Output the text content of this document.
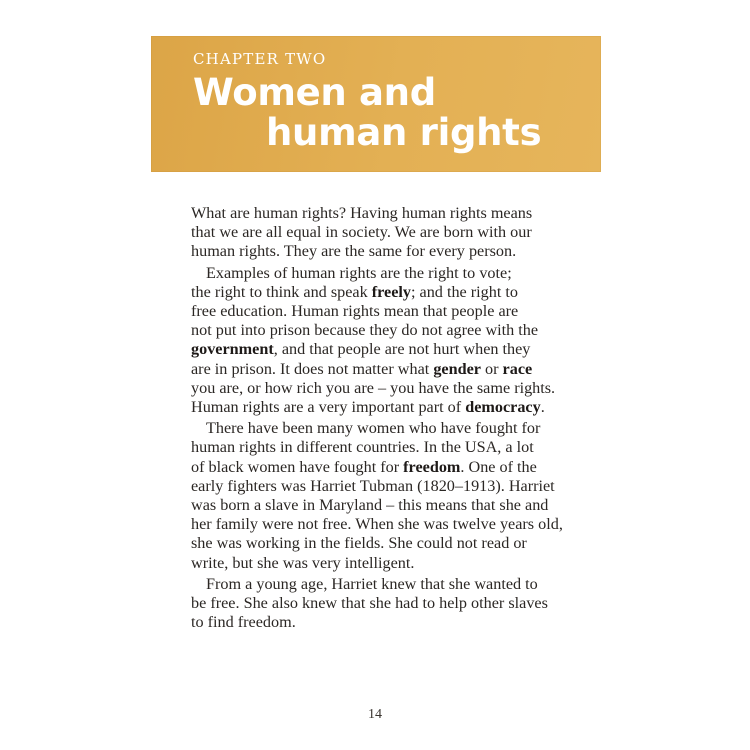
CHAPTER TWO
Women and
human rights

What are human rights? Having human rights means
that we are all equal in society. We are born with our
human rights. They are the same for every person.

Examples of human rights are the right to vote;
the right to think and speak freely; and the right to
free education. Human rights mean that people are
not put into prison because they do not agree with the
government, and that people are not hurt when they
are in prison. It does not matter what gender or race
you are, or how rich you are – you have the same rights.
Human rights are a very important part of democracy.

There have been many women who have fought for
human rights in different countries. In the USA, a lot
of black women have fought for freedom. One of the
early fighters was Harriet Tubman (1820–1913). Harriet
was born a slave in Maryland – this means that she and
her family were not free. When she was twelve years old,
she was working in the fields. She could not read or
write, but she was very intelligent.

From a young age, Harriet knew that she wanted to
be free. She also knew that she had to help other slaves
to find freedom.

14
